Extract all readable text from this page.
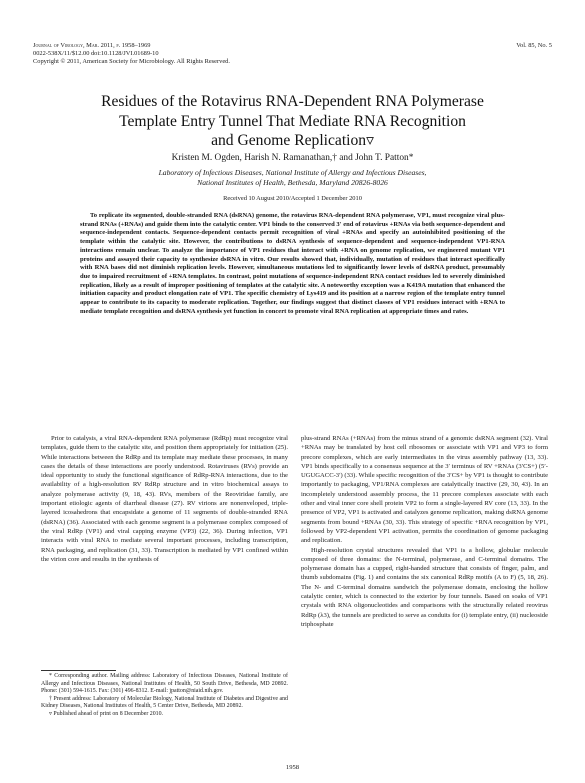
Journal of Virology, Mar. 2011, p. 1958–1969
0022-538X/11/$12.00 doi:10.1128/JVI.01689-10
Copyright © 2011, American Society for Microbiology. All Rights Reserved.
Vol. 85, No. 5
Residues of the Rotavirus RNA-Dependent RNA Polymerase
Template Entry Tunnel That Mediate RNA Recognition
and Genome Replication▿
Kristen M. Ogden, Harish N. Ramanathan,† and John T. Patton*
Laboratory of Infectious Diseases, National Institute of Allergy and Infectious Diseases,
National Institutes of Health, Bethesda, Maryland 20826-8026
Received 10 August 2010/Accepted 1 December 2010
To replicate its segmented, double-stranded RNA (dsRNA) genome, the rotavirus RNA-dependent RNA polymerase, VP1, must recognize viral plus-strand RNAs (+RNAs) and guide them into the catalytic center. VP1 binds to the conserved 3′ end of rotavirus +RNAs via both sequence-dependent and sequence-independent contacts. Sequence-dependent contacts permit recognition of viral +RNAs and specify an autoinhibited positioning of the template within the catalytic site. However, the contributions to dsRNA synthesis of sequence-dependent and sequence-independent VP1-RNA interactions remain unclear. To analyze the importance of VP1 residues that interact with +RNA on genome replication, we engineered mutant VP1 proteins and assayed their capacity to synthesize dsRNA in vitro. Our results showed that, individually, mutation of residues that interact specifically with RNA bases did not diminish replication levels. However, simultaneous mutations led to significantly lower levels of dsRNA product, presumably due to impaired recruitment of +RNA templates. In contrast, point mutations of sequence-independent RNA contact residues led to severely diminished replication, likely as a result of improper positioning of templates at the catalytic site. A noteworthy exception was a K419A mutation that enhanced the initiation capacity and product elongation rate of VP1. The specific chemistry of Lys419 and its position at a narrow region of the template entry tunnel appear to contribute to its capacity to moderate replication. Together, our findings suggest that distinct classes of VP1 residues interact with +RNA to mediate template recognition and dsRNA synthesis yet function in concert to promote viral RNA replication at appropriate times and rates.

Prior to catalysis, a viral RNA-dependent RNA polymerase (RdRp) must recognize viral templates, guide them to the catalytic site, and position them appropriately for initiation (25). While interactions between the RdRp and its template may mediate these processes, in many cases the details of these interactions are poorly understood. Rotaviruses (RVs) provide an ideal opportunity to study the functional significance of RdRp-RNA interactions, due to the availability of a high-resolution RV RdRp structure and in vitro biochemical assays to analyze polymerase activity (9, 18, 43). RVs, members of the Reoviridae family, are important etiologic agents of diarrheal disease (27). RV virions are nonenveloped, triple-layered icosahedrons that encapsidate a genome of 11 segments of double-stranded RNA (dsRNA) (36). Associated with each genome segment is a polymerase complex composed of the viral RdRp (VP1) and viral capping enzyme (VP3) (22, 36). During infection, VP1 interacts with viral RNA to mediate several important processes, including transcription, RNA packaging, and replication (31, 33). Transcription is mediated by VP1 confined within the virion core and results in the synthesis of

plus-strand RNAs (+RNAs) from the minus strand of a genomic dsRNA segment (32). Viral +RNAs may be translated by host cell ribosomes or associate with VP1 and VP3 to form precore complexes, which are early intermediates in the virus assembly pathway (13, 33). VP1 binds specifically to a consensus sequence at the 3′ terminus of RV +RNAs (3′CS+) (5′-UGUGACC-3′) (33). While specific recognition of the 3′CS+ by VP1 is thought to contribute importantly to packaging, VP1/RNA complexes are catalytically inactive (29, 30, 43). In an incompletely understood assembly process, the 11 precore complexes associate with each other and viral inner core shell protein VP2 to form a single-layered RV core (13, 33). In the presence of VP2, VP1 is activated and catalyzes genome replication, making dsRNA genome segments from bound +RNAs (30, 33). This strategy of specific +RNA recognition by VP1, followed by VP2-dependent VP1 activation, permits the coordination of genome packaging and replication.

High-resolution crystal structures revealed that VP1 is a hollow, globular molecule composed of three domains: the N-terminal, polymerase, and C-terminal domains. The polymerase domain has a cupped, right-handed structure that consists of finger, palm, and thumb subdomains (Fig. 1) and contains the six canonical RdRp motifs (A to F) (5, 18, 26). The N- and C-terminal domains sandwich the polymerase domain, enclosing the hollow catalytic center, which is connected to the exterior by four tunnels. Based on soaks of VP1 crystals with RNA oligonucleotides and comparisons with the structurally related reovirus RdRp (λ3), the tunnels are predicted to serve as conduits for (i) template entry, (ii) nucleoside triphosphate

* Corresponding author. Mailing address: Laboratory of Infectious Diseases, National Institute of Allergy and Infectious Diseases, National Institutes of Health, 50 South Drive, Bethesda, MD 20892. Phone: (301) 594-1615. Fax: (301) 496-8312. E-mail: jpatton@niaid.nih.gov.

† Present address: Laboratory of Molecular Biology, National Institute of Diabetes and Digestive and Kidney Diseases, National Institutes of Health, 5 Center Drive, Bethesda, MD 20892.

▿ Published ahead of print on 8 December 2010.

1958
